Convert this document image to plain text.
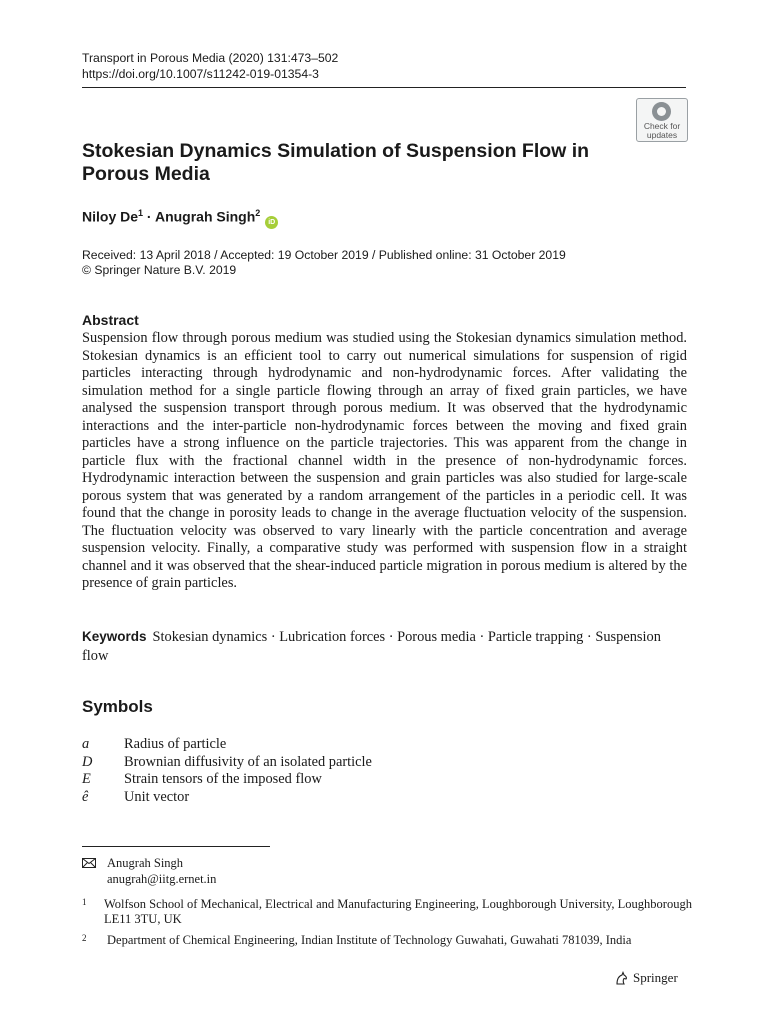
Transport in Porous Media (2020) 131:473–502
https://doi.org/10.1007/s11242-019-01354-3
Check for
updates
Stokesian Dynamics Simulation of Suspension Flow in Porous Media
Niloy $De^1$ · Anugrah Singh$^2$ iD
Received: 13 April 2018 / Accepted: 19 October 2019 / Published online: 31 October 2019
© Springer Nature B.V. 2019
Abstract

Suspension flow through porous medium was studied using the Stokesian dynamics simulation method. Stokesian dynamics is an efficient tool to carry out numerical simulations for suspension of rigid particles interacting through hydrodynamic and non-hydrodynamic forces. After validating the simulation method for a single particle flowing through an array of fixed grain particles, we have analysed the suspension transport through porous medium. It was observed that the hydrodynamic interactions and the inter-particle non-hydrodynamic forces between the moving and fixed grain particles have a strong influence on the particle trajectories. This was apparent from the change in particle flux with the fractional channel width in the presence of non-hydrodynamic forces. Hydrodynamic interaction between the suspension and grain particles was also studied for large-scale porous system that was generated by a random arrangement of the particles in a periodic cell. It was found that the change in porosity leads to change in the average fluctuation velocity of the suspension. The fluctuation velocity was observed to vary linearly with the particle concentration and average suspension velocity. Finally, a comparative study was performed with suspension flow in a straight channel and it was observed that the shear-induced particle migration in porous medium is altered by the presence of grain particles.

Keywords Stokesian dynamics · Lubrication forces · Porous media · Particle trapping · Suspension flow
Symbols
a	Radius of particle
D	Brownian diffusivity of an isolated particle
E	Strain tensors of the imposed flow
ê	Unit vector
Anugrah Singh
anugrah@iitg.ernet.in
1	Wolfson School of Mechanical, Electrical and Manufacturing Engineering, Loughborough University, Loughborough LE11 3TU, UK
2	Department of Chemical Engineering, Indian Institute of Technology Guwahati, Guwahati 781039, India
Springer
